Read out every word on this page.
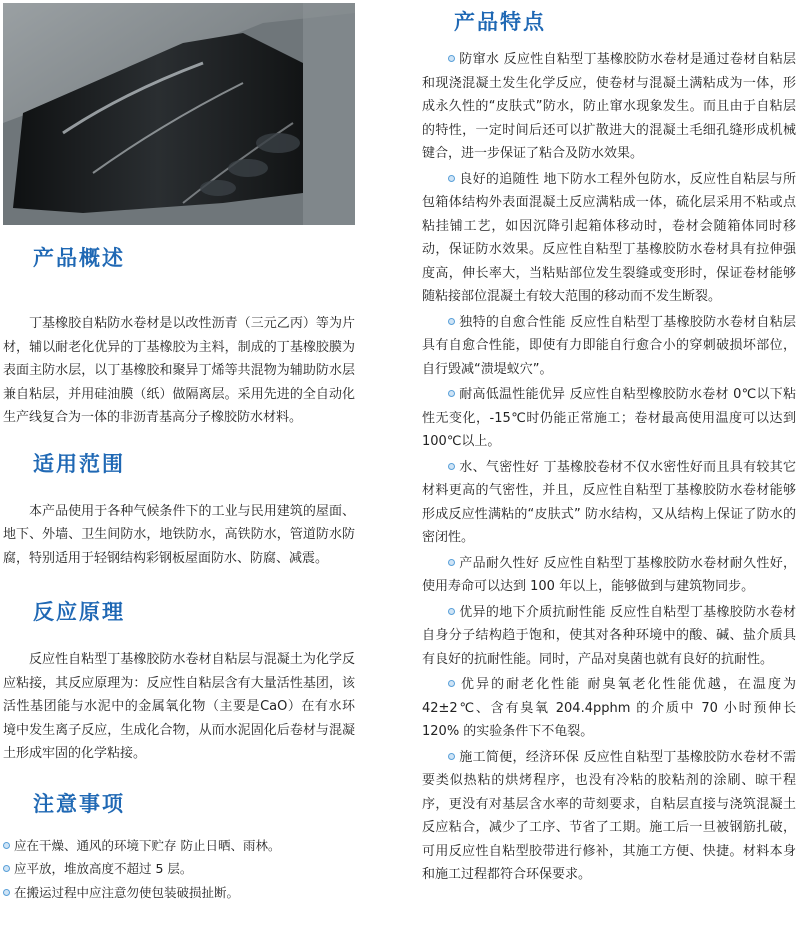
产品概述

丁基橡胶自粘防水卷材是以改性沥青（三元乙丙）等为片材，辅以耐老化优异的丁基橡胶为主料，制成的丁基橡胶膜为表面主防水层，以丁基橡胶和聚异丁烯等共混物为辅助防水层兼自粘层，并用硅油膜（纸）做隔离层。采用先进的全自动化生产线复合为一体的非沥青基高分子橡胶防水材料。

适用范围

本产品使用于各种气候条件下的工业与民用建筑的屋面、地下、外墙、卫生间防水，地铁防水，高铁防水，管道防水防腐，特别适用于轻钢结构彩钢板屋面防水、防腐、减震。

反应原理

反应性自粘型丁基橡胶防水卷材自粘层与混凝土为化学反应粘接，其反应原理为：反应性自粘层含有大量活性基团，该活性基团能与水泥中的金属氧化物（主要是CaO）在有水环境中发生离子反应，生成化合物，从而水泥固化后卷材与混凝土形成牢固的化学粘接。

注意事项
应在干燥、通风的环境下贮存 防止日晒、雨林。
应平放，堆放高度不超过 5 层。
在搬运过程中应注意勿使包装破损扯断。
产品特点

防窜水 反应性自粘型丁基橡胶防水卷材是通过卷材自粘层和现浇混凝土发生化学反应，使卷材与混凝土满粘成为一体，形成永久性的“皮肤式”防水，防止窜水现象发生。而且由于自粘层的特性，一定时间后还可以扩散进大的混凝土毛细孔缝形成机械键合，进一步保证了粘合及防水效果。

良好的追随性 地下防水工程外包防水，反应性自粘层与所包箱体结构外表面混凝土反应满粘成一体，硫化层采用不粘或点粘挂铺工艺，如因沉降引起箱体移动时，卷材会随箱体同时移动，保证防水效果。反应性自粘型丁基橡胶防水卷材具有拉伸强度高，伸长率大，当粘贴部位发生裂缝或变形时，保证卷材能够随粘接部位混凝土有较大范围的移动而不发生断裂。

独特的自愈合性能 反应性自粘型丁基橡胶防水卷材自粘层具有自愈合性能，即使有力即能自行愈合小的穿刺破损坏部位，自行毁减“溃堤蚁穴”。

耐高低温性能优异 反应性自粘型橡胶防水卷材 0℃以下粘性无变化，-15℃时仍能正常施工；卷材最高使用温度可以达到 100℃以上。

水、气密性好 丁基橡胶卷材不仅水密性好而且具有较其它材料更高的气密性，并且，反应性自粘型丁基橡胶防水卷材能够形成反应性满粘的“皮肤式” 防水结构，又从结构上保证了防水的密闭性。

产品耐久性好 反应性自粘型丁基橡胶防水卷材耐久性好，使用寿命可以达到 100 年以上，能够做到与建筑物同步。

优异的地下介质抗耐性能 反应性自粘型丁基橡胶防水卷材自身分子结构趋于饱和，使其对各种环境中的酸、碱、盐介质具有良好的抗耐性能。同时，产品对臭菌也就有良好的抗耐性。

优异的耐老化性能 耐臭氧老化性能优越，在温度为 42±2℃、含有臭氧 204.4pphm 的介质中 70 小时预伸长 120% 的实验条件下不龟裂。

施工简便，经济环保 反应性自粘型丁基橡胶防水卷材不需要类似热粘的烘烤程序，也没有冷粘的胶粘剂的涂刷、晾干程序，更没有对基层含水率的苛刻要求，自粘层直接与浇筑混凝土反应粘合，减少了工序、节省了工期。施工后一旦被钢筋扎破，可用反应性自粘型胶带进行修补，其施工方便、快捷。材料本身和施工过程都符合环保要求。
